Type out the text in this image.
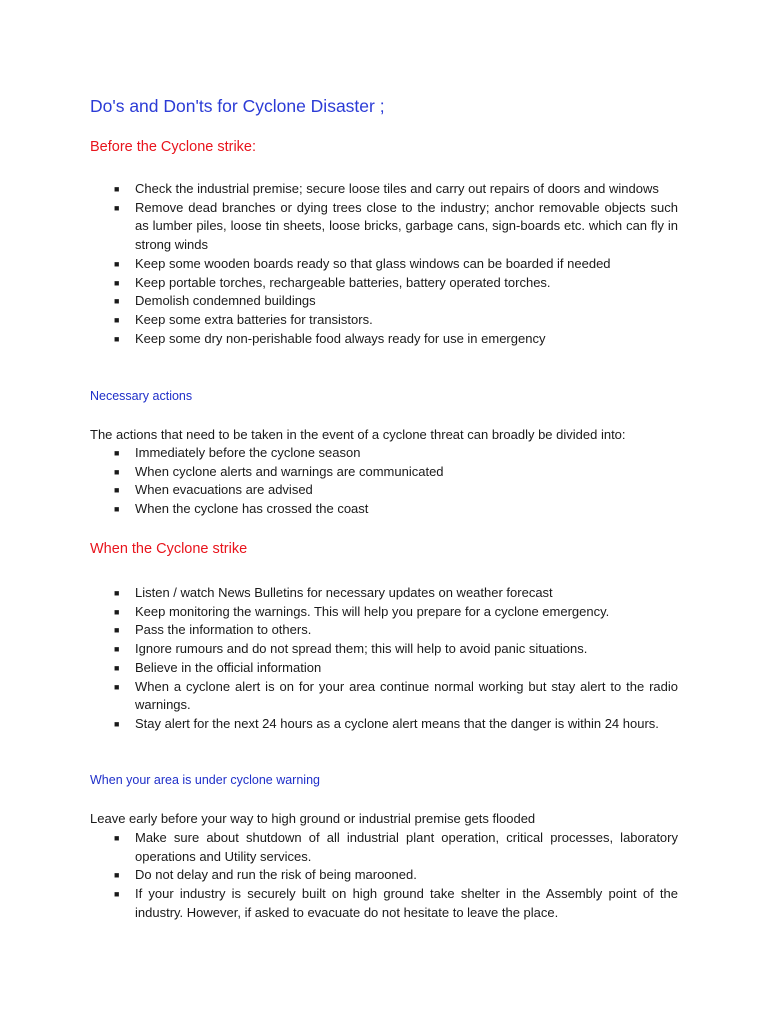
Do's and Don'ts for Cyclone Disaster ;
Before the Cyclone strike:
■ Check the industrial premise; secure loose tiles and carry out repairs of doors and windows
■ Remove dead branches or dying trees close to the industry; anchor removable objects such as lumber piles, loose tin sheets, loose bricks, garbage cans, sign-boards etc. which can fly in strong winds
■ Keep some wooden boards ready so that glass windows can be boarded if needed
■ Keep portable torches, rechargeable batteries, battery operated torches.
■ Demolish condemned buildings
■ Keep some extra batteries for transistors.
■ Keep some dry non-perishable food always ready for use in emergency
Necessary actions

The actions that need to be taken in the event of a cyclone threat can broadly be divided into:

■ Immediately before the cyclone season
■ When cyclone alerts and warnings are communicated
■ When evacuations are advised
■ When the cyclone has crossed the coast
When the Cyclone strike
■ Listen / watch News Bulletins for necessary updates on weather forecast
■ Keep monitoring the warnings. This will help you prepare for a cyclone emergency.
■ Pass the information to others.
■ Ignore rumours and do not spread them; this will help to avoid panic situations.
■ Believe in the official information
■ When a cyclone alert is on for your area continue normal working but stay alert to the radio warnings.
■ Stay alert for the next 24 hours as a cyclone alert means that the danger is within 24 hours.
When your area is under cyclone warning

Leave early before your way to high ground or industrial premise gets flooded

■ Make sure about shutdown of all industrial plant operation, critical processes, laboratory operations and Utility services.
■ Do not delay and run the risk of being marooned.
■ If your industry is securely built on high ground take shelter in the Assembly point of the industry. However, if asked to evacuate do not hesitate to leave the place.
